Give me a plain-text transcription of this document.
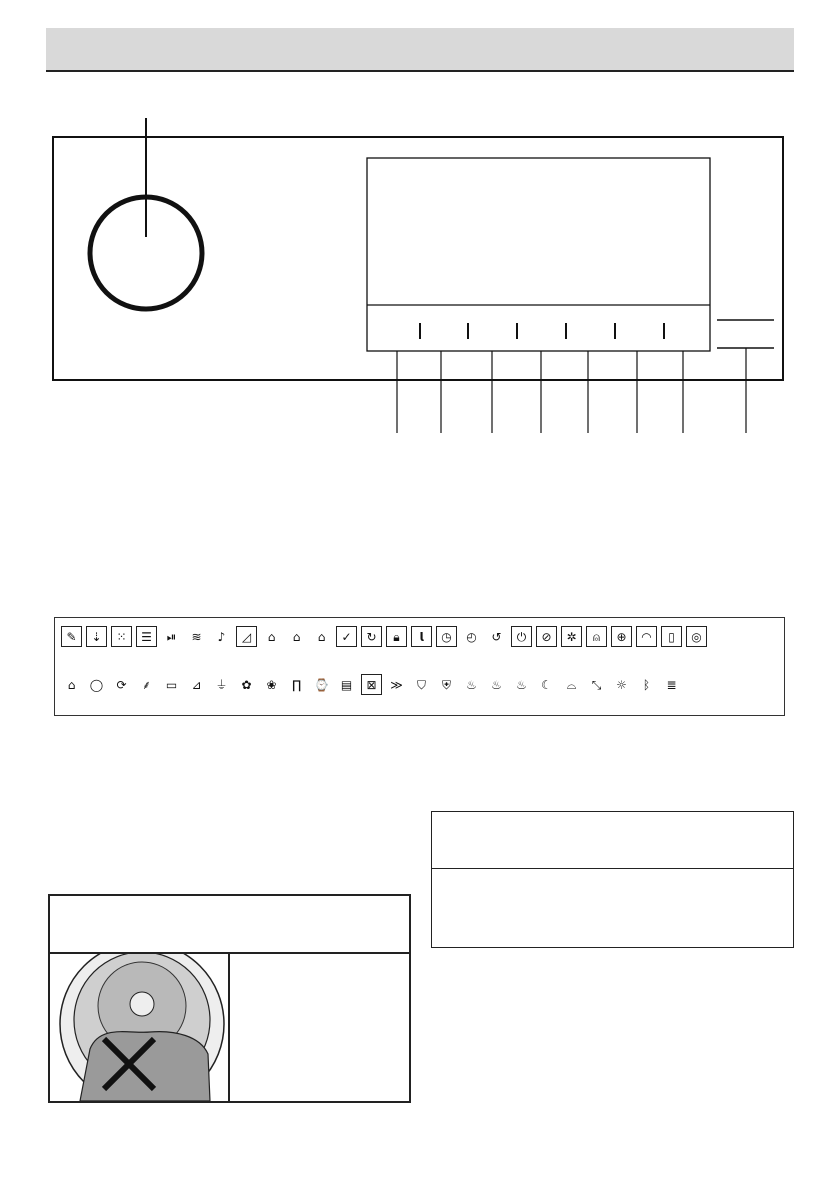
✎	⇣	⁙	☰	⏯	≋	♪	◿	⌂	⌂	⌂	✓	↻	🔒︎	𝗹	◷	◴	↺	⏻	⊘	✲	⍝	⊕	◠	▯	◎
⌂	◯	⟳	⸙	▭	⊿	⏚	✿	❀	∏	⌚ ▤	⊠	≫	⛉	⛨	♨	♨	♨	☾	⌓	⤡	☼	ᛒ	≣
